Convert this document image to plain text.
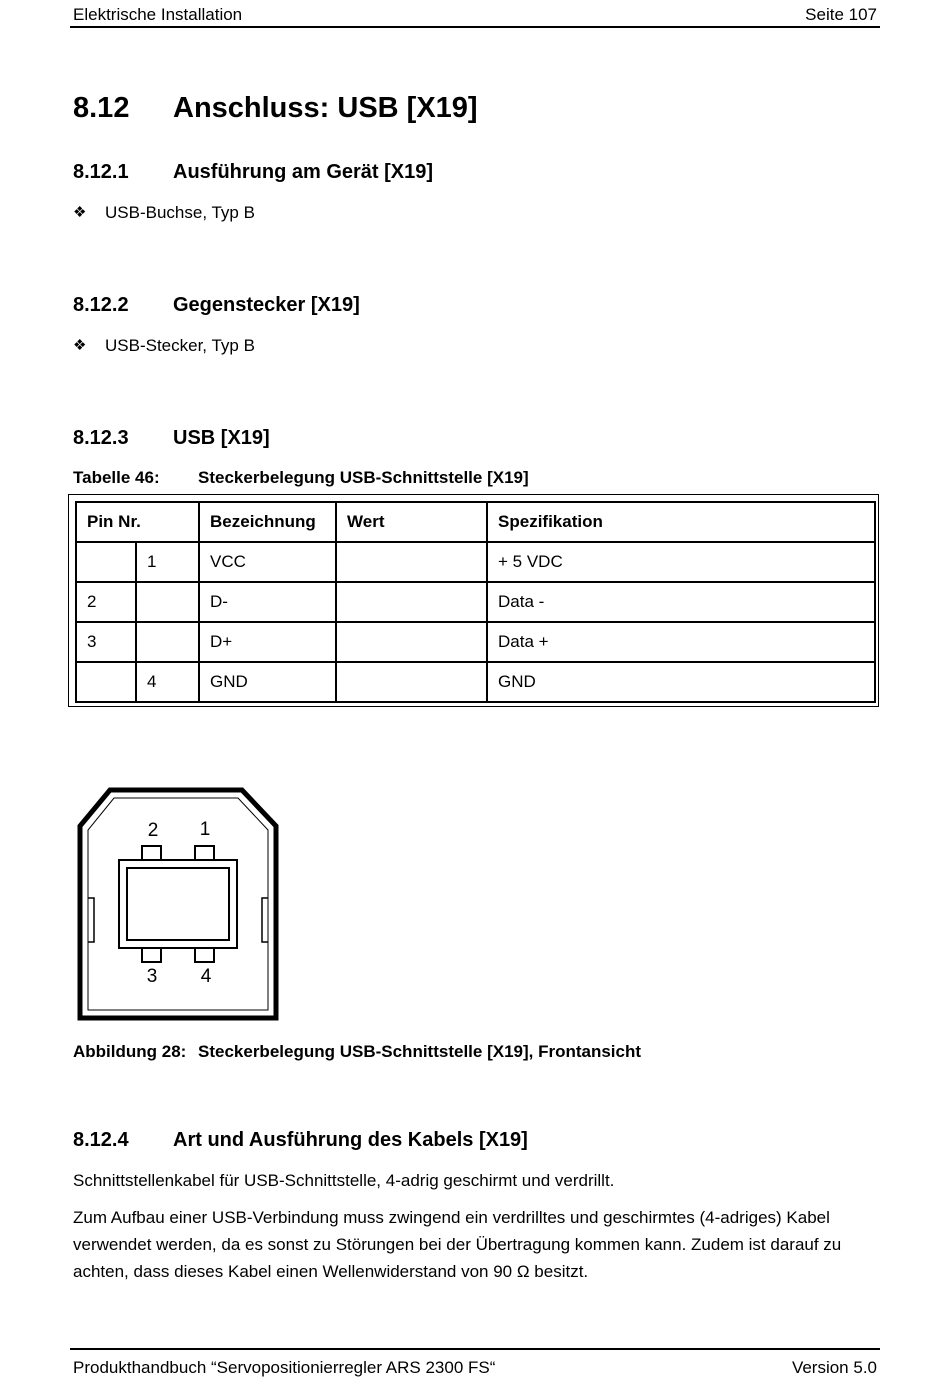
Elektrische Installation	Seite 107
8.12 Anschluss: USB [X19]
8.12.1 Ausführung am Gerät [X19]
❖ USB-Buchse, Typ B
8.12.2 Gegenstecker [X19]
❖ USB-Stecker, Typ B
8.12.3 USB [X19]
Tabelle 46: Steckerbelegung USB-Schnittstelle [X19]
Pin Nr.		Bezeichnung	Wert	Spezifikation
	1	VCC		+ 5 VDC
2		D-		Data -
3		D+		Data +
	4	GND		GND
2 1
3 4
Abbildung 28: Steckerbelegung USB-Schnittstelle [X19], Frontansicht
8.12.4 Art und Ausführung des Kabels [X19]
Schnittstellenkabel für USB-Schnittstelle, 4-adrig geschirmt und verdrillt.
Zum Aufbau einer USB-Verbindung muss zwingend ein verdrilltes und geschirmtes (4-adriges) Kabel verwendet werden, da es sonst zu Störungen bei der Übertragung kommen kann. Zudem ist darauf zu achten, dass dieses Kabel einen Wellenwiderstand von 90 Ω besitzt.
Produkthandbuch “Servopositionierregler ARS 2300 FS“	Version 5.0
